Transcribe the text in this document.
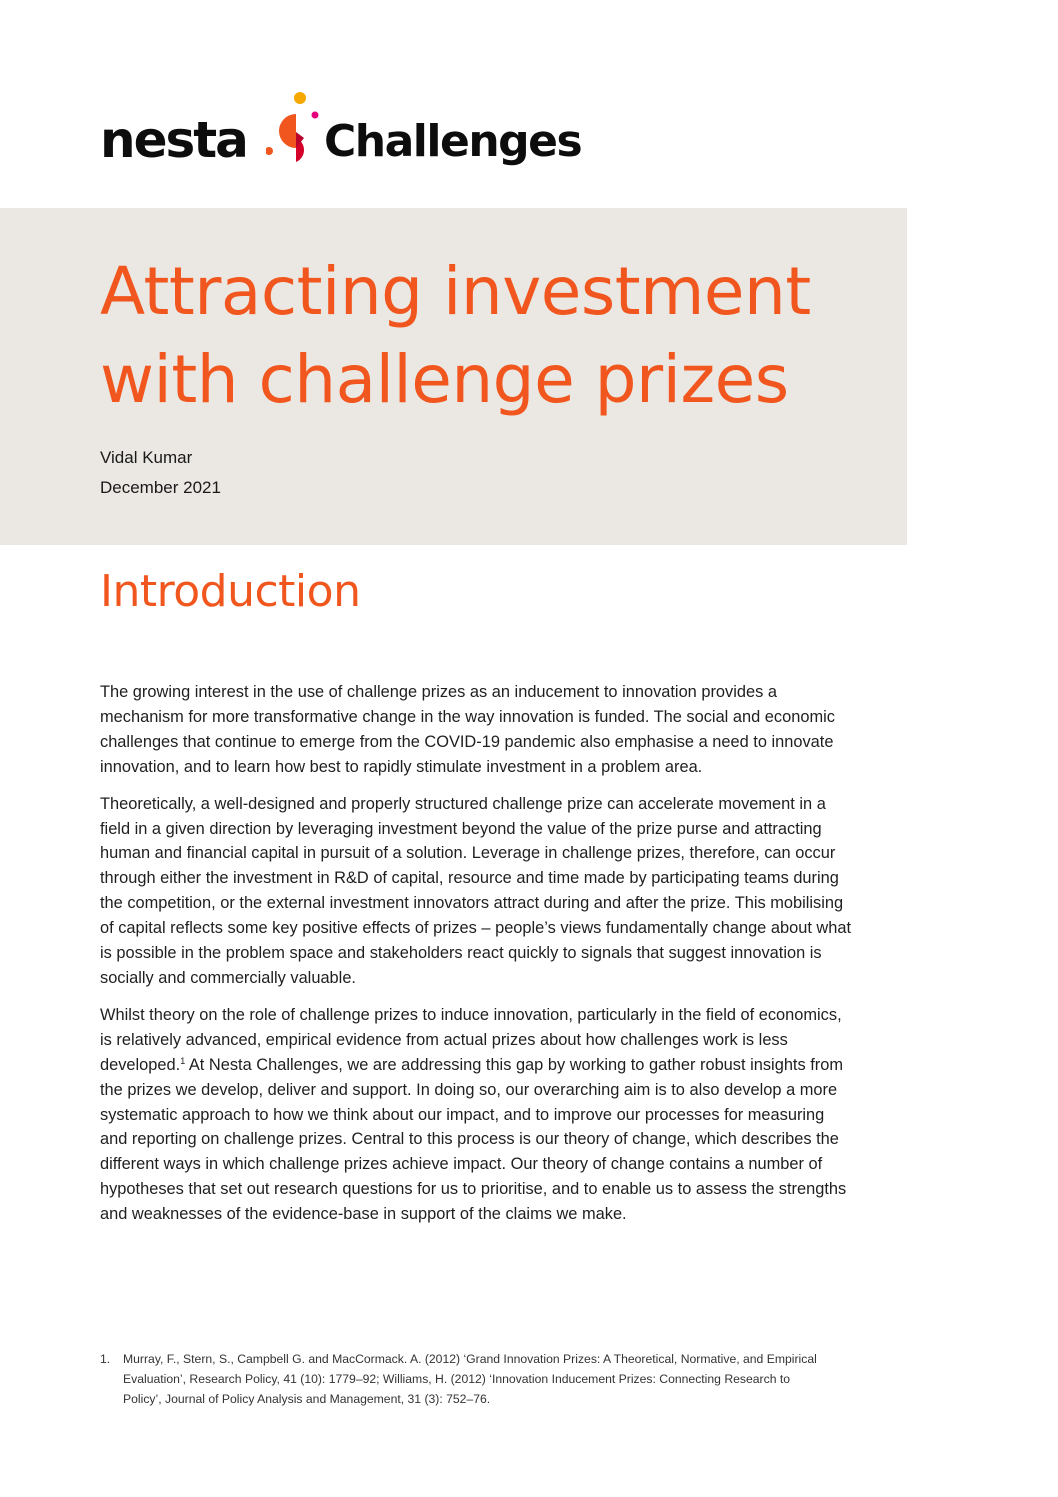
nesta Challenges
Attracting investment with challenge prizes

Vidal Kumar

December 2021

Introduction

The growing interest in the use of challenge prizes as an inducement to innovation provides a mechanism for more transformative change in the way innovation is funded. The social and economic challenges that continue to emerge from the COVID-19 pandemic also emphasise a need to innovate innovation, and to learn how best to rapidly stimulate investment in a problem area.

Theoretically, a well-designed and properly structured challenge prize can accelerate movement in a field in a given direction by leveraging investment beyond the value of the prize purse and attracting human and financial capital in pursuit of a solution. Leverage in challenge prizes, therefore, can occur through either the investment in R&D of capital, resource and time made by participating teams during the competition, or the external investment innovators attract during and after the prize. This mobilising of capital reflects some key positive effects of prizes – people’s views fundamentally change about what is possible in the problem space and stakeholders react quickly to signals that suggest innovation is socially and commercially valuable.

Whilst theory on the role of challenge prizes to induce innovation, particularly in the field of economics, is relatively advanced, empirical evidence from actual prizes about how challenges work is less developed.$^1$ At Nesta Challenges, we are addressing this gap by working to gather robust insights from the prizes we develop, deliver and support. In doing so, our overarching aim is to also develop a more systematic approach to how we think about our impact, and to improve our processes for measuring and reporting on challenge prizes. Central to this process is our theory of change, which describes the different ways in which challenge prizes achieve impact. Our theory of change contains a number of hypotheses that set out research questions for us to prioritise, and to enable us to assess the strengths and weaknesses of the evidence-base in support of the claims we make.

1.	Murray, F., Stern, S., Campbell G. and MacCormack. A. (2012) ‘Grand Innovation Prizes: A Theoretical, Normative, and Empirical Evaluation’, Research Policy, 41 (10): 1779–92; Williams, H. (2012) ‘Innovation Inducement Prizes: Connecting Research to Policy’, Journal of Policy Analysis and Management, 31 (3): 752–76.
